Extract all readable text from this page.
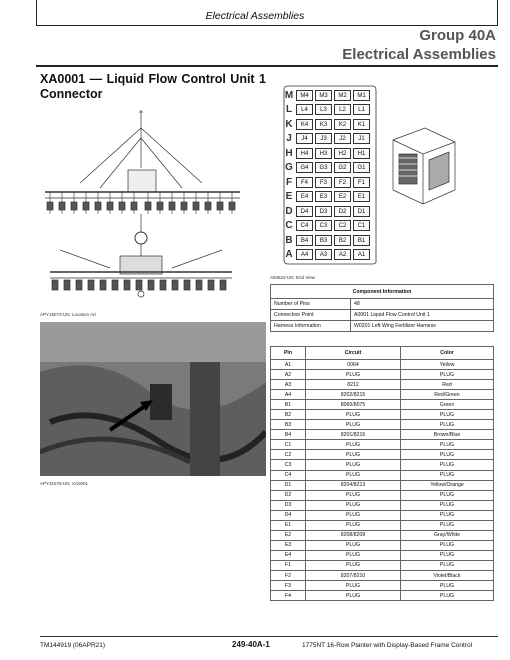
Electrical Assemblies
Group 40A
Electrical Assemblies
XA0001 — Liquid Flow Control Unit 1 Connector
APY19073-UN: Location Art
APY31575-UN: XA0001
M	M4	M3	M2	M1
L	L4	L3	L2	L1
K	K4	K3	K2	K1
J	J4	J3	J2	J1
H	H4	H3	H2	H1
G	G4	G3	G2	G1
F	F4	F3	F2	F1
E	E4	E3	E2	E1
D	D4	D3	D2	D1
C	C4	C3	C2	C1
B	B4	B3	B2	B1
A	A4	A3	A2	A1
A94523-UN: End View
Component Information	
Number of Pins	48
Connection Point	A0001 Liquid Flow Control Unit 1
Harness Information	W0201 Left Wing Fertilizer Harness
Pin	Circuit	Color
A1	0064	Yellow
A2	PLUG	PLUG
A3	8212	Red
A4	8202/8215	Red/Green
B1	8065/8075	Green
B2	PLUG	PLUG
B3	PLUG	PLUG
B4	8201/8216	Brown/Blue
C1	PLUG	PLUG
C2	PLUG	PLUG
C3	PLUG	PLUG
C4	PLUG	PLUG
D1	8204/8213	Yellow/Orange
D2	PLUG	PLUG
D3	PLUG	PLUG
D4	PLUG	PLUG
E1	PLUG	PLUG
E2	8208/8209	Gray/White
E3	PLUG	PLUG
E4	PLUG	PLUG
F1	PLUG	PLUG
F2	8207/8210	Violet/Black
F3	PLUG	PLUG
F4	PLUG	PLUG
TM144919 (06APR21)	249-40A-1	1775NT 16-Row Planter with Display-Based Frame Control
